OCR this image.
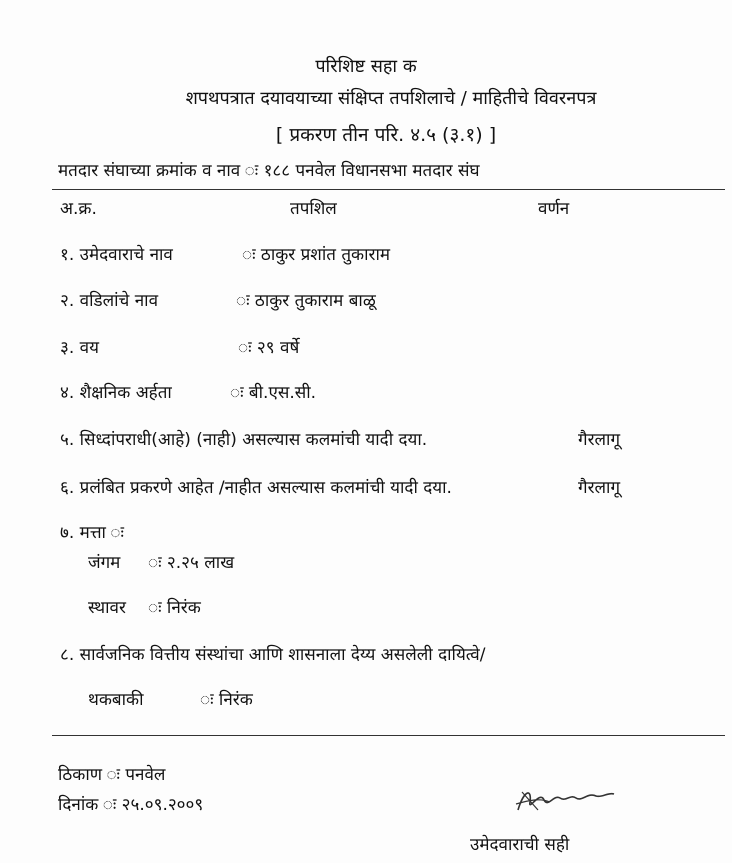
परिशिष्ट सहा क
शपथपत्रात दयावयाच्या संक्षिप्त तपशिलाचे / माहितीचे विवरनपत्र
[ प्रकरण तीन परि. ४.५ (३.१) ]
मतदार संघाच्या क्रमांक व नाव ः १८८ पनवेल विधानसभा मतदार संघ
अ.क्र.	तपशिल	वर्णन
१. उमेदवाराचे नाव	ः ठाकुर प्रशांत तुकाराम
२. वडिलांचे नाव	ः ठाकुर तुकाराम बाळू
३. वय	ः २९ वर्षे
४. शैक्षनिक अर्हता	ः बी.एस.सी.
५. सिध्दांपराधी(आहे) (नाही) असल्यास कलमांची यादी दया.	गैरलागू
६. प्रलंबित प्रकरणे आहेत /नाहीत असल्यास कलमांची यादी दया.	गैरलागू
७. मत्ता ः
जंगम ः २.२५ लाख
स्थावर ः निरंक
८. सार्वजनिक वित्तीय संस्थांचा आणि शासनाला देय्य असलेली दायित्वे/
थकबाकी	ः निरंक
ठिकाण ः पनवेल
दिनांक ः २५.०९.२००९
उमेदवाराची सही
